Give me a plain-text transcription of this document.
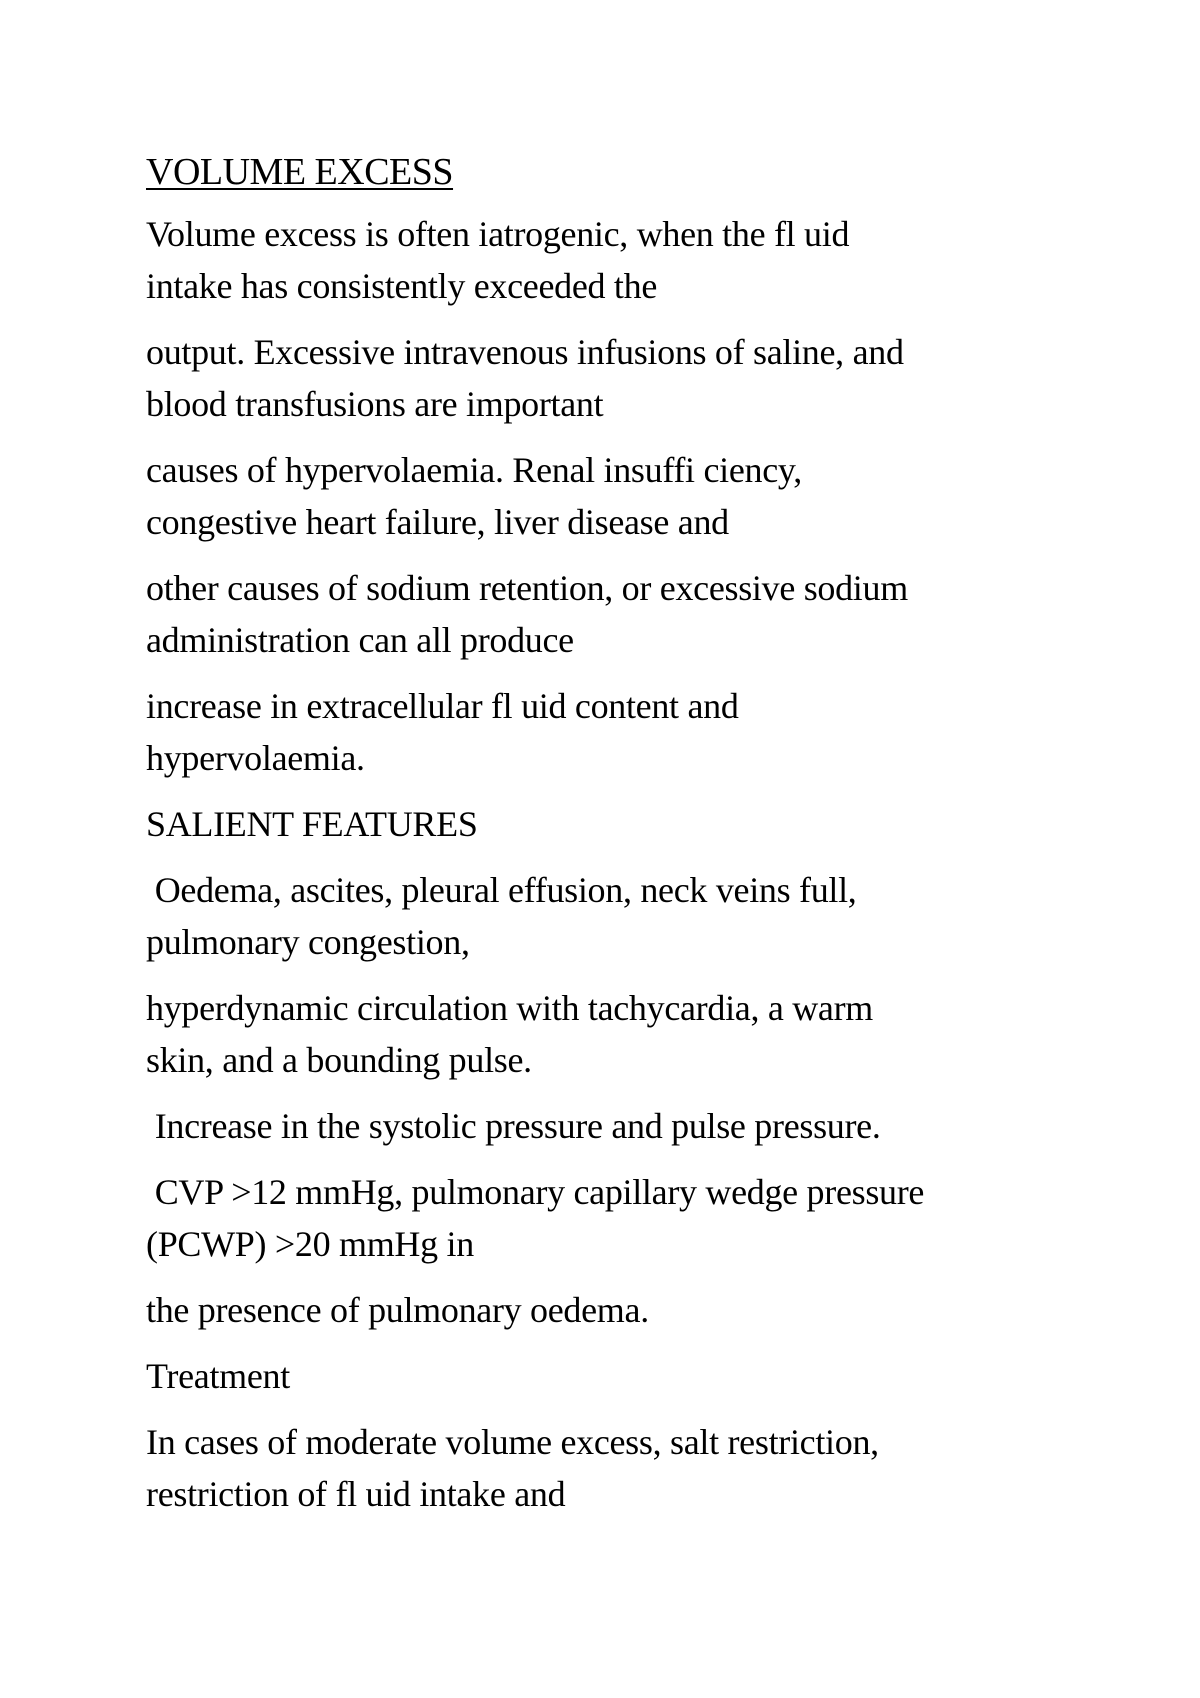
VOLUME EXCESS
Volume excess is often iatrogenic, when the fl uid
intake has consistently exceeded the
output. Excessive intravenous infusions of saline, and
blood transfusions are important
causes of hypervolaemia. Renal insuffi ciency,
congestive heart failure, liver disease and
other causes of sodium retention, or excessive sodium
administration can all produce
increase in extracellular fl uid content and
hypervolaemia.
SALIENT FEATURES
Oedema, ascites, pleural effusion, neck veins full,
pulmonary congestion,
hyperdynamic circulation with tachycardia, a warm
skin, and a bounding pulse.
Increase in the systolic pressure and pulse pressure.
CVP >12 mmHg, pulmonary capillary wedge pressure
(PCWP) >20 mmHg in
the presence of pulmonary oedema.
Treatment
In cases of moderate volume excess, salt restriction,
restriction of fl uid intake and
